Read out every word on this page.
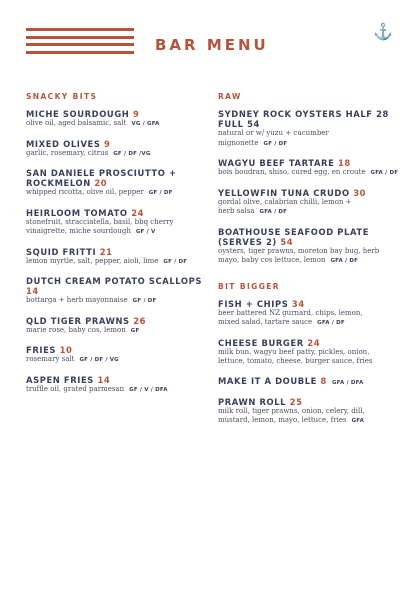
BAR MENU
⚓
SNACKY BITS
MICHE SOURDOUGH 9
olive oil, aged balsamic, salt VG / GFA
MIXED OLIVES 9
garlic, rosemary, citrus GF / DF /VG
SAN DANIELE PROSCIUTTO + ROCKMELON 20
whipped ricotta, olive oil, pepper GF / DF
HEIRLOOM TOMATO 24
stonefruit, stracciatella, basil, bbq cherry
vinaigrette, miche sourdough GF / V
SQUID FRITTI 21
lemon myrtle, salt, pepper, aioli, lime GF / DF
DUTCH CREAM POTATO SCALLOPS 14
bottarga + herb mayonnaise GF / DF
QLD TIGER PRAWNS 26
marie rose, baby cos, lemon GF
FRIES 10
rosemary salt GF / DF / VG
ASPEN FRIES 14
truffle oil, grated parmesan GF / V / DFA
RAW
SYDNEY ROCK OYSTERS HALF 28 FULL 54
natural or w/ yuzu + cucumber mignonette GF / DF
WAGYU BEEF TARTARE 18
bois boudran, shiso, cured egg, en croute GFA / DF
YELLOWFIN TUNA CRUDO 30
gordal olive, calabrian chilli, lemon +
herb salsa GFA / DF
BOATHOUSE SEAFOOD PLATE (SERVES 2) 54
oysters, tiger prawns, moreton bay bug, herb
mayo, baby cos lettuce, lemon GFA / DF
BIT BIGGER
FISH + CHIPS 34
beer battered NZ gurnard, chips, lemon,
mixed salad, tartare sauce GFA / DF
CHEESE BURGER 24
milk bun, wagyu beef patty, pickles, onion,
lettuce, tomato, cheese, burger sauce, fries
MAKE IT A DOUBLE 8 GFA / DFA
PRAWN ROLL 25
milk roll, tiger prawns, onion, celery, dill,
mustard, lemon, mayo, lettuce, fries GFA
